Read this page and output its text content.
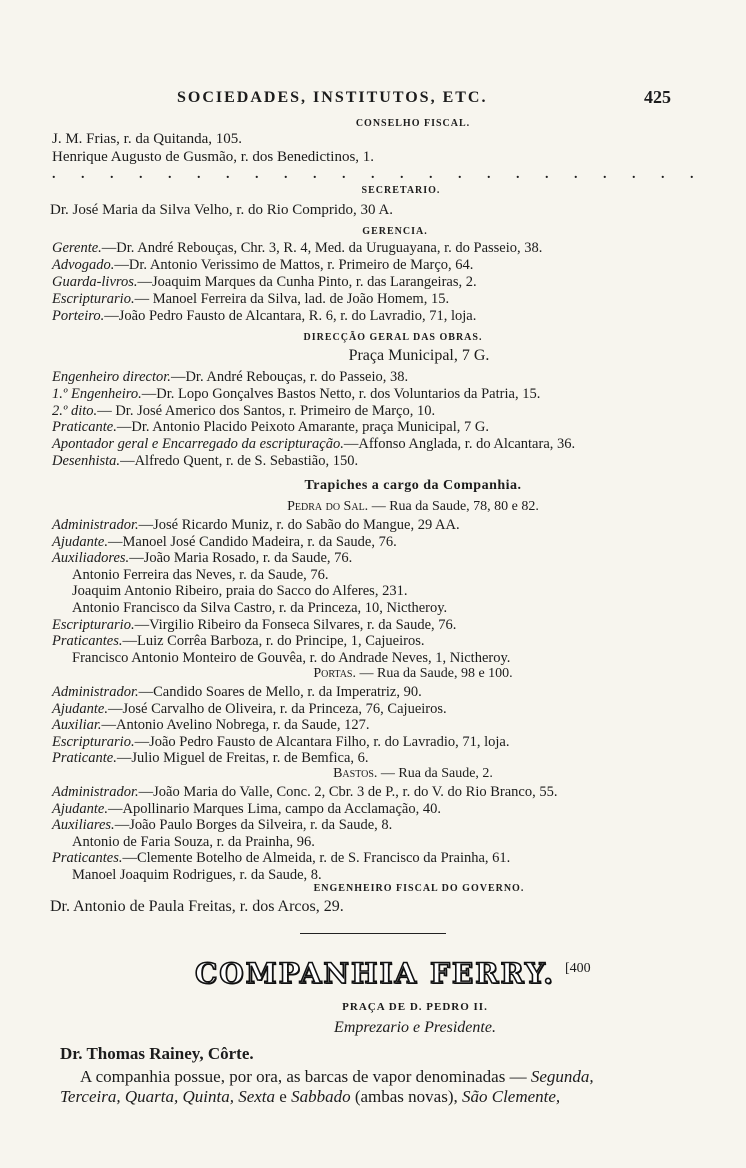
SOCIEDADES, INSTITUTOS, ETC.	425
CONSELHO FISCAL.
J. M. Frias, r. da Quitanda, 105.
Henrique Augusto de Gusmão, r. dos Benedictinos, 1.
. . . . . . . . . . . . . . . . . . . . . . .
SECRETARIO.
Dr. José Maria da Silva Velho, r. do Rio Comprido, 30 A.
GERENCIA.
Gerente.—Dr. André Rebouças, Chr. 3, R. 4, Med. da Uruguayana, r. do Passeio, 38.
Advogado.—Dr. Antonio Verissimo de Mattos, r. Primeiro de Março, 64.
Guarda-livros.—Joaquim Marques da Cunha Pinto, r. das Larangeiras, 2.
Escripturario.— Manoel Ferreira da Silva, lad. de João Homem, 15.
Porteiro.—João Pedro Fausto de Alcantara, R. 6, r. do Lavradio, 71, loja.
DIRECÇÃO GERAL DAS OBRAS.
Praça Municipal, 7 G.
Engenheiro director.—Dr. André Rebouças, r. do Passeio, 38.
1.º Engenheiro.—Dr. Lopo Gonçalves Bastos Netto, r. dos Voluntarios da Patria, 15.
2.º dito.— Dr. José Americo dos Santos, r. Primeiro de Março, 10.
Praticante.—Dr. Antonio Placido Peixoto Amarante, praça Municipal, 7 G.
Apontador geral e Encarregado da escripturação.—Affonso Anglada, r. do Alcantara, 36.
Desenhista.—Alfredo Quent, r. de S. Sebastião, 150.
Trapiches a cargo da Companhia.
Pedra do Sal. — Rua da Saude, 78, 80 e 82.
Administrador.—José Ricardo Muniz, r. do Sabão do Mangue, 29 AA.
Ajudante.—Manoel José Candido Madeira, r. da Saude, 76.
Auxiliadores.—João Maria Rosado, r. da Saude, 76.
Antonio Ferreira das Neves, r. da Saude, 76.
Joaquim Antonio Ribeiro, praia do Sacco do Alferes, 231.
Antonio Francisco da Silva Castro, r. da Princeza, 10, Nictheroy.
Escripturario.—Virgilio Ribeiro da Fonseca Silvares, r. da Saude, 76.
Praticantes.—Luiz Corrêa Barboza, r. do Principe, 1, Cajueiros.
Francisco Antonio Monteiro de Gouvêa, r. do Andrade Neves, 1, Nictheroy.
Portas. — Rua da Saude, 98 e 100.
Administrador.—Candido Soares de Mello, r. da Imperatriz, 90.
Ajudante.—José Carvalho de Oliveira, r. da Princeza, 76, Cajueiros.
Auxiliar.—Antonio Avelino Nobrega, r. da Saude, 127.
Escripturario.—João Pedro Fausto de Alcantara Filho, r. do Lavradio, 71, loja.
Praticante.—Julio Miguel de Freitas, r. de Bemfica, 6.
Bastos. — Rua da Saude, 2.
Administrador.—João Maria do Valle, Conc. 2, Cbr. 3 de P., r. do V. do Rio Branco, 55.
Ajudante.—Apollinario Marques Lima, campo da Acclamação, 40.
Auxiliares.—João Paulo Borges da Silveira, r. da Saude, 8.
Antonio de Faria Souza, r. da Prainha, 96.
Praticantes.—Clemente Botelho de Almeida, r. de S. Francisco da Prainha, 61.
Manoel Joaquim Rodrigues, r. da Saude, 8.
ENGENHEIRO FISCAL DO GOVERNO.
Dr. Antonio de Paula Freitas, r. dos Arcos, 29.
COMPANHIA FERRY. [400
PRAÇA DE D. PEDRO II.
Emprezario e Presidente.
Dr. Thomas Rainey, Côrte.
A companhia possue, por ora, as barcas de vapor denominadas — Segunda,
Terceira, Quarta, Quinta, Sexta e Sabbado (ambas novas), São Clemente,
